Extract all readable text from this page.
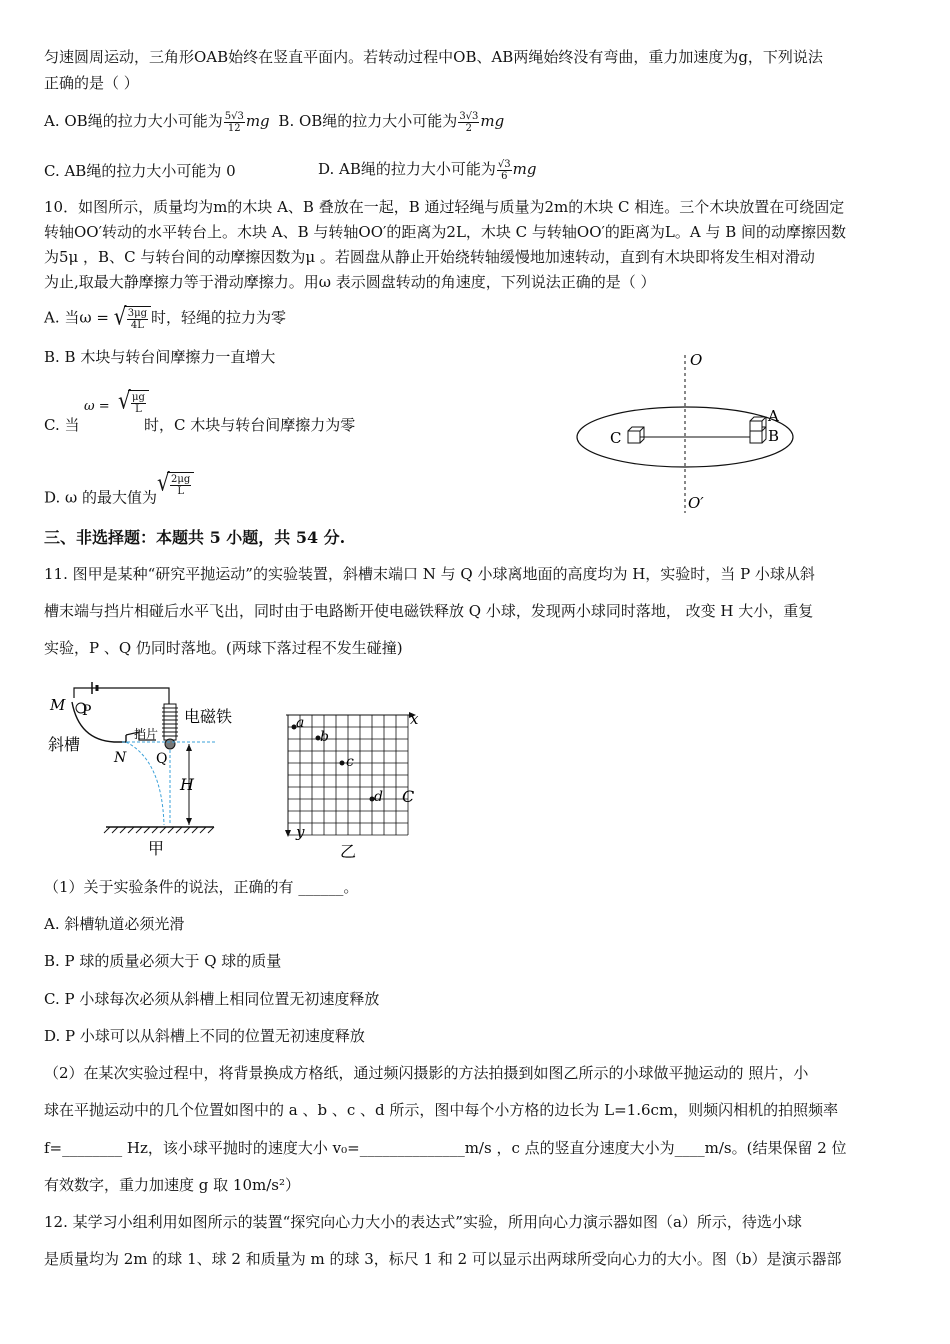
匀速圆周运动，三角形OAB始终在竖直平面内。若转动过程中OB、AB两绳始终没有弯曲，重力加速度为g，下列说法
正确的是（ ）
A. OB绳的拉力大小可能为 $\frac{5√3}{12}$ mg B. OB绳的拉力大小可能为 $\frac{3√3}{2}$ mg
C. AB绳的拉力大小可能为 0	D. AB绳的拉力大小可能为 $\frac{√3}{6}$ mg
10．如图所示，质量均为m的木块 A、B 叠放在一起，B 通过轻绳与质量为2m的木块 C 相连。三个木块放置在可绕固定
转轴OO′转动的水平转台上。木块 A、B 与转轴OO′的距离为2L，木块 C 与转轴OO′的距离为L。A 与 B 间的动摩擦因数
为5μ ，B、C 与转台间的动摩擦因数为μ 。若圆盘从静止开始绕转轴缓慢地加速转动，直到有木块即将发生相对滑动
为止,取最大静摩擦力等于滑动摩擦力。用ω 表示圆盘转动的角速度，下列说法正确的是（ ）
A. 当ω = √ $\frac{3\mu g}{4L}$ 时，轻绳的拉力为零
B. B 木块与转台间摩擦力一直增大
C. 当
ω = √ $\frac{\mu g}{L}$
时，C 木块与转台间摩擦力为零
D. ω 的最大值为
√ $\frac{2\mu g}{L}$
O
O′
C
A
B
三、非选择题：本题共 5 小题，共 54 分.
11. 图甲是某种“研究平抛运动”的实验装置，斜槽末端口 N 与 Q 小球离地面的高度均为 H，实验时，当 P 小球从斜
槽末端与挡片相碰后水平飞出，同时由于电路断开使电磁铁释放 Q 小球，发现两小球同时落地， 改变 H 大小，重复
实验，P 、Q 仍同时落地。(两球下落过程不发生碰撞)
M P
斜槽
N
电磁铁
挡片
Q
H
甲
x
y
a
b
c
d C
乙
（1）关于实验条件的说法，正确的有 ______。
A. 斜槽轨道必须光滑
B. P 球的质量必须大于 Q 球的质量
C. P 小球每次必须从斜槽上相同位置无初速度释放
D. P 小球可以从斜槽上不同的位置无初速度释放
（2）在某次实验过程中，将背景换成方格纸，通过频闪摄影的方法拍摄到如图乙所示的小球做平抛运动的 照片，小
球在平抛运动中的几个位置如图中的 a 、b 、c 、d 所示，图中每个小方格的边长为 L=1.6cm，则频闪相机的拍照频率
f=________ Hz，该小球平抛时的速度大小 v₀=______________m/s ，c 点的竖直分速度大小为____m/s。(结果保留 2 位
有效数字，重力加速度 g 取 10m/s²）
12. 某学习小组利用如图所示的装置“探究向心力大小的表达式”实验，所用向心力演示器如图（a）所示，待选小球
是质量均为 2m 的球 1、球 2 和质量为 m 的球 3，标尺 1 和 2 可以显示出两球所受向心力的大小。图（b）是演示器部
